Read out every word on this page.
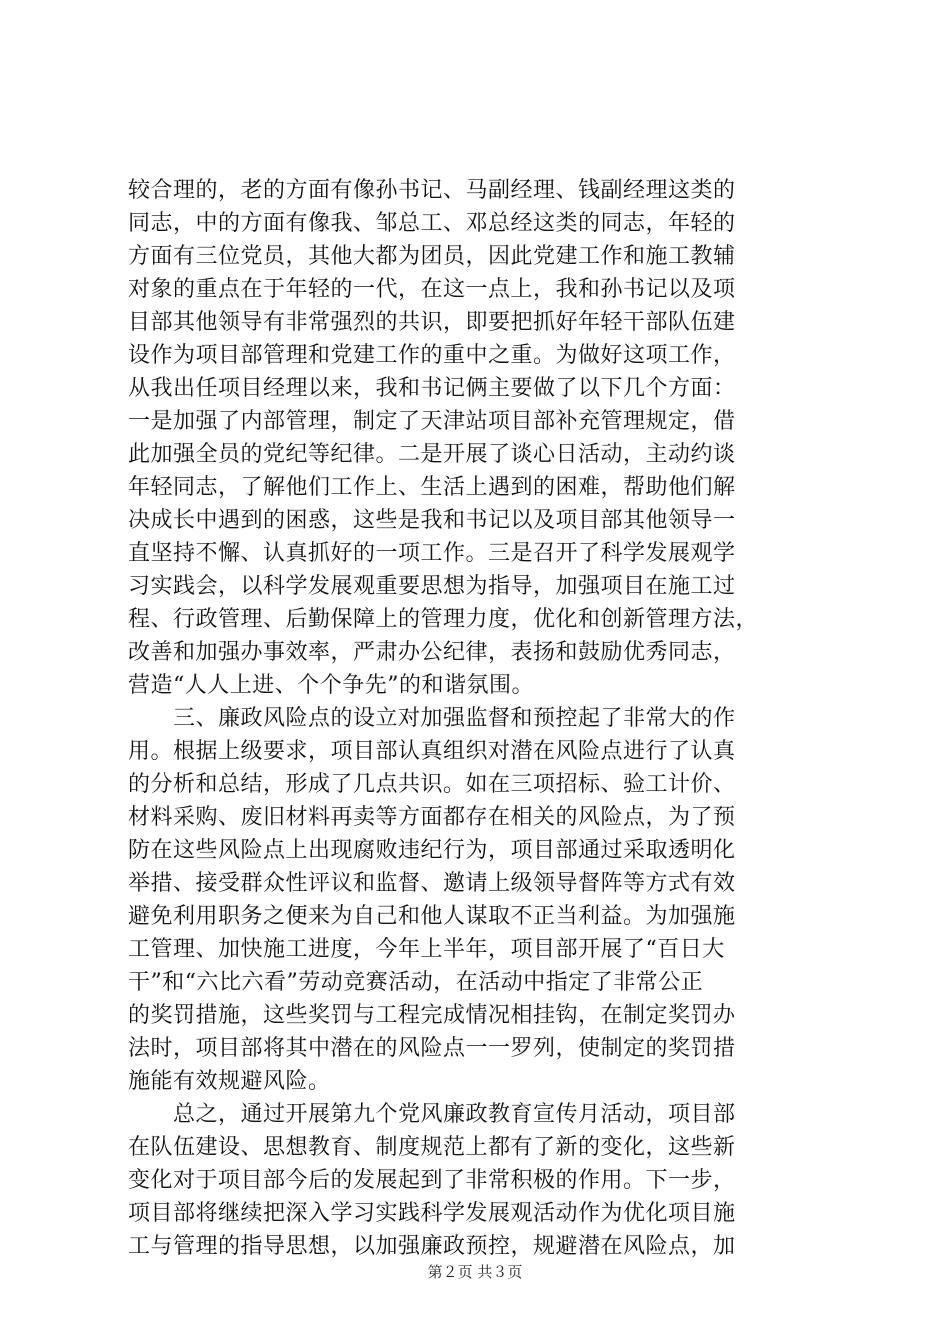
较合理的，老的方面有像孙书记、马副经理、钱副经理这类的
同志，中的方面有像我、邹总工、邓总经这类的同志，年轻的
方面有三位党员，其他大都为团员，因此党建工作和施工教辅
对象的重点在于年轻的一代，在这一点上，我和孙书记以及项
目部其他领导有非常强烈的共识，即要把抓好年轻干部队伍建
设作为项目部管理和党建工作的重中之重。为做好这项工作，
从我出任项目经理以来，我和书记俩主要做了以下几个方面：
一是加强了内部管理，制定了天津站项目部补充管理规定，借
此加强全员的党纪等纪律。二是开展了谈心日活动，主动约谈
年轻同志，了解他们工作上、生活上遇到的困难，帮助他们解
决成长中遇到的困惑，这些是我和书记以及项目部其他领导一
直坚持不懈、认真抓好的一项工作。三是召开了科学发展观学
习实践会，以科学发展观重要思想为指导，加强项目在施工过
程、行政管理、后勤保障上的管理力度，优化和创新管理方法，
改善和加强办事效率，严肃办公纪律，表扬和鼓励优秀同志，
营造“人人上进、个个争先”的和谐氛围。
　　三、廉政风险点的设立对加强监督和预控起了非常大的作
用。根据上级要求，项目部认真组织对潜在风险点进行了认真
的分析和总结，形成了几点共识。如在三项招标、验工计价、
材料采购、废旧材料再卖等方面都存在相关的风险点，为了预
防在这些风险点上出现腐败违纪行为，项目部通过采取透明化
举措、接受群众性评议和监督、邀请上级领导督阵等方式有效
避免利用职务之便来为自己和他人谋取不正当利益。为加强施
工管理、加快施工进度，今年上半年，项目部开展了“百日大
干”和“六比六看”劳动竞赛活动，在活动中指定了非常公正
的奖罚措施，这些奖罚与工程完成情况相挂钩，在制定奖罚办
法时，项目部将其中潜在的风险点一一罗列，使制定的奖罚措
施能有效规避风险。
　　总之，通过开展第九个党风廉政教育宣传月活动，项目部
在队伍建设、思想教育、制度规范上都有了新的变化，这些新
变化对于项目部今后的发展起到了非常积极的作用。下一步，
项目部将继续把深入学习实践科学发展观活动作为优化项目施
工与管理的指导思想，以加强廉政预控，规避潜在风险点，加
第２页 共３页
